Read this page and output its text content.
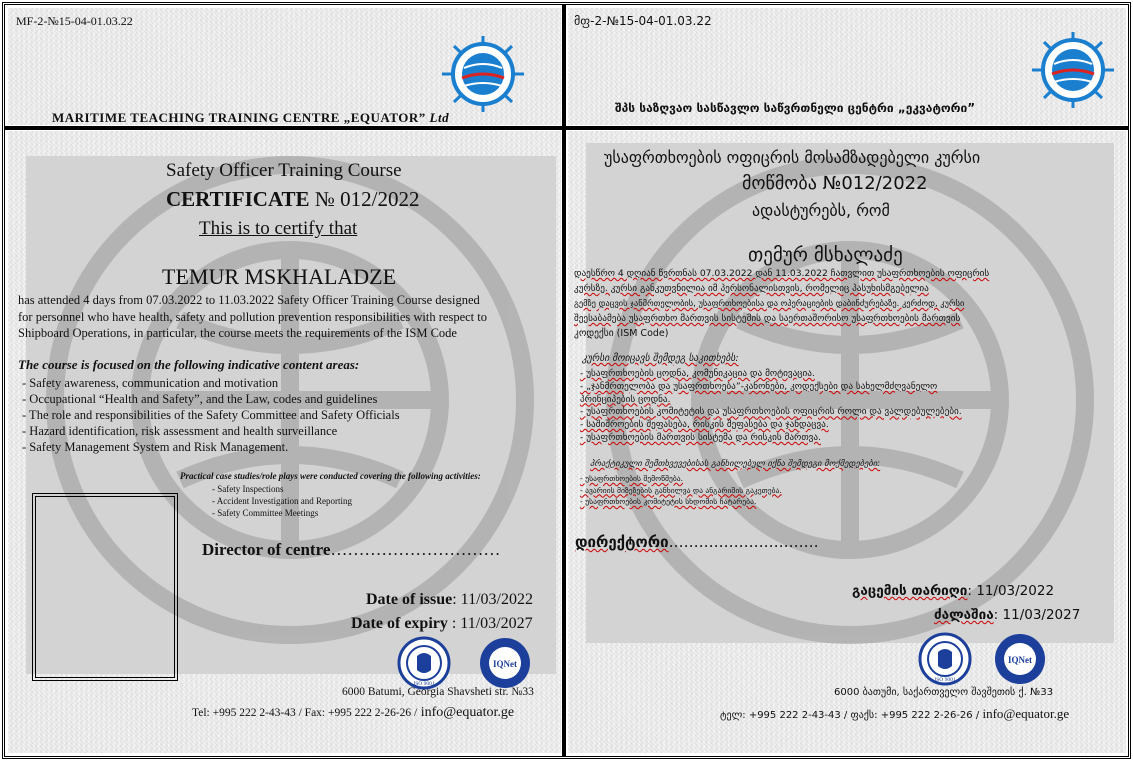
MF-2-№15-04-01.03.22
MARITIME TEACHING TRAINING CENTRE „EQUATOR” Ltd
მფ-2-№15-04-01.03.22
შპს საზღვაო სასწავლო საწვრთნელი ცენტრი „ეკვატორი”
Safety Officer Training Course
CERTIFICATE № 012/2022
This is to certify that
TEMUR MSKHALADZE
has attended 4 days from 07.03.2022 to 11.03.2022 Safety Officer Training Course designed
for personnel who have health, safety and pollution prevention responsibilities with respect to
Shipboard Operations, in particular, the course meets the requirements of the ISM Code
The course is focused on the following indicative content areas:
- Safety awareness, communication and motivation
- Occupational “Health and Safety”, and the Law, codes and guidelines
- The role and responsibilities of the Safety Committee and Safety Officials
- Hazard identification, risk assessment and health surveillance
- Safety Management System and Risk Management.
Practical case studies/role plays were conducted covering the following activities:
- Safety Inspections
- Accident Investigation and Reporting
- Safety Committee Meetings
Director of centre…………………………
Date of issue: 11/03/2022
Date of expiry : 11/03/2027
ISO 9001
IQNet
6000 Batumi, Georgia Shavsheti str. №33
Tel: +995 222 2-43-43 / Fax: +995 222 2-26-26 / info@equator.ge
უსაფრთხოების ოფიცრის მოსამზადებელი კურსი
მოწმობა №012/2022
ადასტურებს, რომ
თემურ მსხალაძე
დაესწრო 4 დღიან წვრთნას 07.03.2022 დან 11.03.2022 ჩათვლით უსაფრთხოების ოფიცრის
კურსზე. კურსი განკუთვნილია იმ პერსონალისთვის, რომელიც პასუხისმგებელია
გემზე დაცვის ჯანმრთელობის, უსაფრთხოებისა და ოპერაციების დაბინძურებაზე. კერძოდ, კურსი
შეესაბამება უსაფრთხო მართვის სისტემის და საერთაშორისო უსაფრთხოების მართვის
კოდექსი (ISM Code)
კურსი მოიცავს შემდეგ საკითხებს:
- უსაფრთხოების ცოდნა, კომუნიკაცია და მოტივაცია.
- „ჯანმრთელობა და უსაფრთხოება”-კანონები, კოდექსები და სახელმძღვანელო
პრინციპების ცოდნა.
- უსაფრთხოების კომიტეტის და უსაფრთხოების ოფიცრის როლი და ვალდებულებები.
- საშიშროების შეფასება, რისკის შეფასება და ჯანდაცვა.
- უსაფრთხოების მართვის სისტემა და რისკის მართვა.
პრაქტიკული შემთხვევებისას განხილებულ იქნა შემდეგი მოქმედებები:
- უსაფრთხოების შემოწმება.
- ავარიის მიზეზების განხილვა და ანგარიშის გაკეთება.
- უსაფრთხოების კომიტეტის სხდომის ჩატარება.
დირექტორი…………………………
გაცემის თარიღი: 11/03/2022
ძალაშია: 11/03/2027
ISO 9001
IQNet
6000 ბათუმი, საქართველო შავშეთის ქ. №33
ტელ: +995 222 2-43-43 / ფაქს: +995 222 2-26-26 / info@equator.ge
